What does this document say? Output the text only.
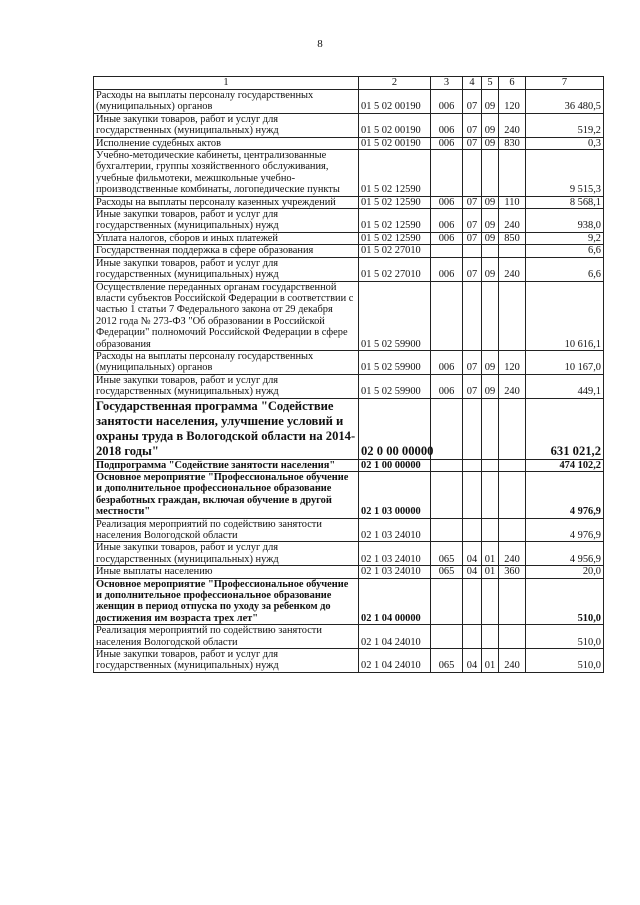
8
1	2	3	4	5	6	7
Расходы на выплаты персоналу государственных (муниципальных) органов	01 5 02 00190	006	07	09	120	36 480,5
Иные закупки товаров, работ и услуг для государственных (муниципальных) нужд	01 5 02 00190	006	07	09	240	519,2
Исполнение судебных актов	01 5 02 00190	006	07	09	830	0,3
Учебно-методические кабинеты, централизованные бухгалтерии, группы хозяйственного обслуживания, учебные фильмотеки, межшкольные учебно-производственные комбинаты, логопедические пункты	01 5 02 12590					9 515,3
Расходы на выплаты персоналу казенных учреждений	01 5 02 12590	006	07	09	110	8 568,1
Иные закупки товаров, работ и услуг для государственных (муниципальных) нужд	01 5 02 12590	006	07	09	240	938,0
Уплата налогов, сборов и иных платежей	01 5 02 12590	006	07	09	850	9,2
Государственная поддержка в сфере образования	01 5 02 27010					6,6
Иные закупки товаров, работ и услуг для государственных (муниципальных) нужд	01 5 02 27010	006	07	09	240	6,6
Осуществление переданных органам государственной власти субъектов Российской Федерации в соответствии с частью 1 статьи 7 Федерального закона от 29 декабря 2012 года № 273-ФЗ "Об образовании в Российской Федерации" полномочий Российской Федерации в сфере образования	01 5 02 59900					10 616,1
Расходы на выплаты персоналу государственных (муниципальных) органов	01 5 02 59900	006	07	09	120	10 167,0
Иные закупки товаров, работ и услуг для государственных (муниципальных) нужд	01 5 02 59900	006	07	09	240	449,1
Государственная программа "Содействие занятости населения, улучшение условий и охраны труда в Вологодской области на 2014-2018 годы"	02 0 00 00000					631 021,2
Подпрограмма "Содействие занятости населения"	02 1 00 00000					474 102,2
Основное мероприятие "Профессиональное обучение и дополнительное профессиональное образование безработных граждан, включая обучение в другой местности"	02 1 03 00000					4 976,9
Реализация мероприятий по содействию занятости населения Вологодской области	02 1 03 24010					4 976,9
Иные закупки товаров, работ и услуг для государственных (муниципальных) нужд	02 1 03 24010	065	04	01	240	4 956,9
Иные выплаты населению	02 1 03 24010	065	04	01	360	20,0
Основное мероприятие "Профессиональное обучение и дополнительное профессиональное образование женщин в период отпуска по уходу за ребенком до достижения им возраста трех лет"	02 1 04 00000					510,0
Реализация мероприятий по содействию занятости населения Вологодской области	02 1 04 24010					510,0
Иные закупки товаров, работ и услуг для государственных (муниципальных) нужд	02 1 04 24010	065	04	01	240	510,0
